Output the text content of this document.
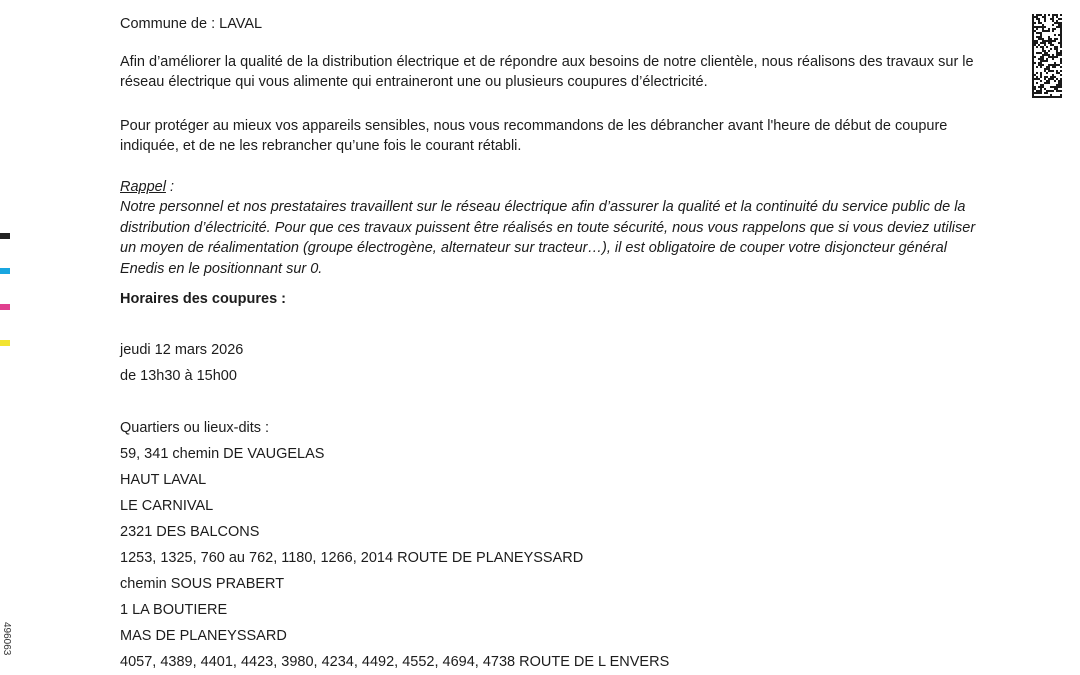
496063
Commune de : LAVAL
Afin d’améliorer la qualité de la distribution électrique et de répondre aux besoins de notre clientèle, nous réalisons des travaux sur le réseau électrique qui vous alimente qui entraineront une ou plusieurs coupures d’électricité.
Pour protéger au mieux vos appareils sensibles, nous vous recommandons de les débrancher avant l'heure de début de coupure indiquée, et de ne les rebrancher qu’une fois le courant rétabli.
Rappel :
Notre personnel et nos prestataires travaillent sur le réseau électrique afin d’assurer la qualité et la continuité du service public de la distribution d’électricité. Pour que ces travaux puissent être réalisés en toute sécurité, nous vous rappelons que si vous deviez utiliser un moyen de réalimentation (groupe électrogène, alternateur sur tracteur…), il est obligatoire de couper votre disjoncteur général Enedis en le positionnant sur 0.
Horaires des coupures :
jeudi 12 mars 2026
de 13h30 à 15h00
Quartiers ou lieux-dits :
59, 341 chemin DE VAUGELAS
HAUT LAVAL
LE CARNIVAL
2321 DES BALCONS
1253, 1325, 760 au 762, 1180, 1266, 2014 ROUTE DE PLANEYSSARD
chemin SOUS PRABERT
1 LA BOUTIERE
MAS DE PLANEYSSARD
4057, 4389, 4401, 4423, 3980, 4234, 4492, 4552, 4694, 4738 ROUTE DE L ENVERS
